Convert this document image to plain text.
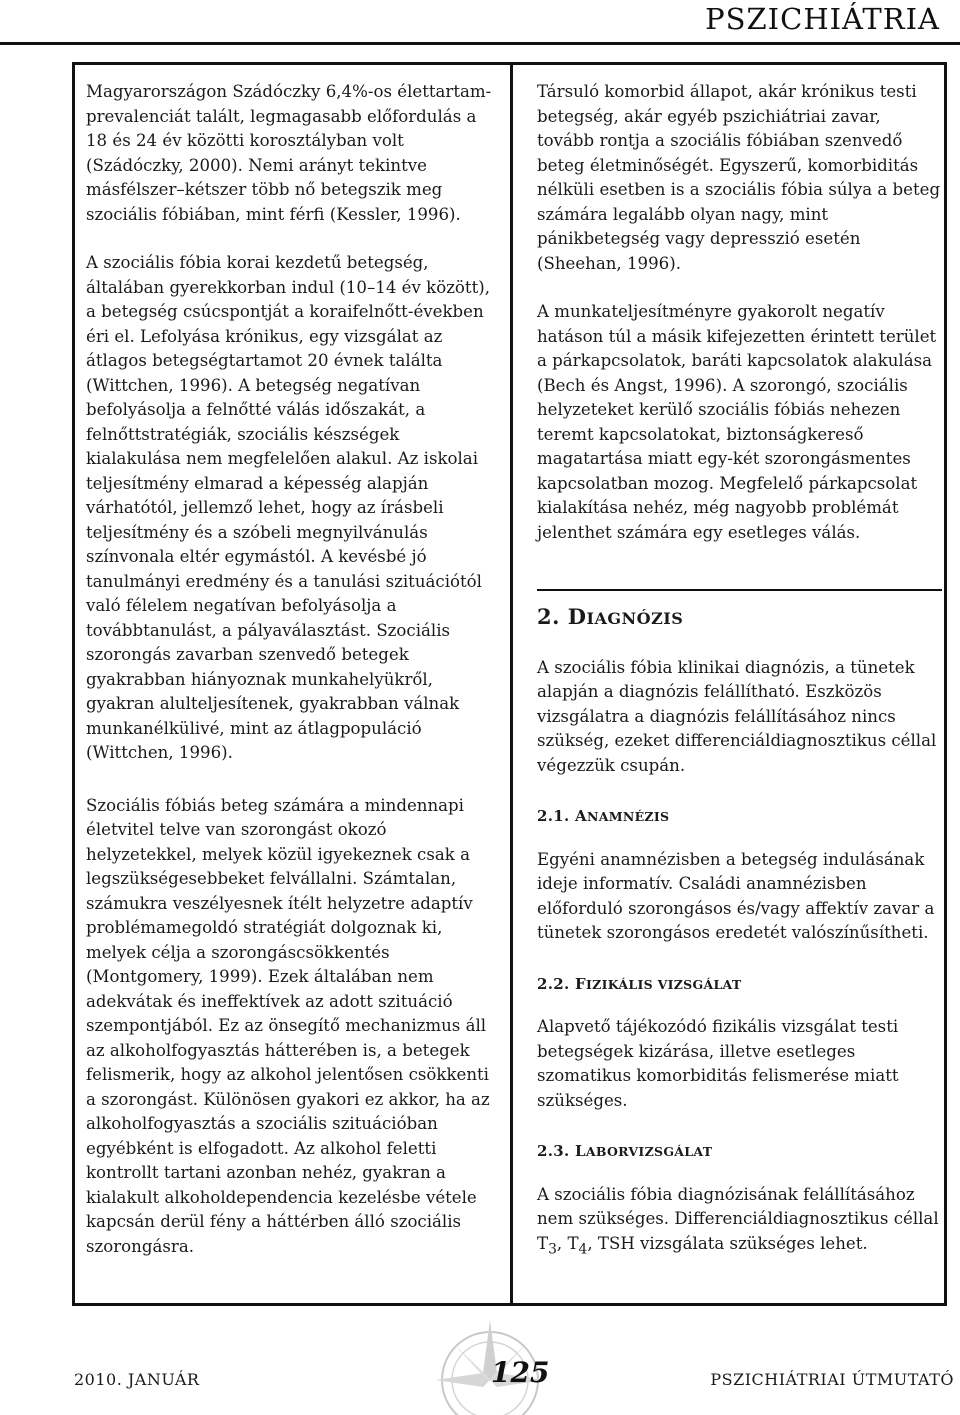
PSZICHIÁTRIA

Magyarországon Szádóczky 6,4%-os élettartam-prevalenciát talált, legmagasabb előfordulás a 18 és 24 év közötti korosztályban volt (Szádóczky, 2000). Nemi arányt tekintve másfélszer–kétszer több nő betegszik meg szociális fóbiában, mint férfi (Kessler, 1996).

A szociális fóbia korai kezdetű betegség, általában gyerekkorban indul (10–14 év között), a betegség csúcspontját a koraifelnőtt-években éri el. Lefolyása krónikus, egy vizsgálat az átlagos betegségtartamot 20 évnek találta (Wittchen, 1996). A betegség negatívan befolyásolja a felnőtté válás időszakát, a felnőttstratégiák, szociális készségek kialakulása nem megfelelően alakul. Az iskolai teljesítmény elmarad a képesség alapján várhatótól, jellemző lehet, hogy az írásbeli teljesítmény és a szóbeli megnyilvánulás színvonala eltér egymástól. A kevésbé jó tanulmányi eredmény és a tanulási szituációtól való félelem negatívan befolyásolja a továbbtanulást, a pályaválasztást. Szociális szorongás zavarban szenvedő betegek gyakrabban hiányoznak munkahelyükről, gyakran alulteljesítenek, gyakrabban válnak munkanélkülivé, mint az átlagpopuláció (Wittchen, 1996).

Szociális fóbiás beteg számára a mindennapi életvitel telve van szorongást okozó helyzetekkel, melyek közül igyekeznek csak a legszükségesebbeket felvállalni. Számtalan, számukra veszélyesnek ítélt helyzetre adaptív problémamegoldó stratégiát dolgoznak ki, melyek célja a szorongáscsökkentés (Montgomery, 1999). Ezek általában nem adekvátak és ineffektívek az adott szituáció szempontjából. Ez az önsegítő mechanizmus áll az alkoholfogyasztás hátterében is, a betegek felismerik, hogy az alkohol jelentősen csökkenti a szorongást. Különösen gyakori ez akkor, ha az alkoholfogyasztás a szociális szituációban egyébként is elfogadott. Az alkohol feletti kontrollt tartani azonban nehéz, gyakran a kialakult alkoholdependencia kezelésbe vétele kapcsán derül fény a háttérben álló szociális szorongásra.

Társuló komorbid állapot, akár krónikus testi betegség, akár egyéb pszichiátriai zavar, tovább rontja a szociális fóbiában szenvedő beteg életminőségét. Egyszerű, komorbiditás nélküli esetben is a szociális fóbia súlya a beteg számára legalább olyan nagy, mint pánikbetegség vagy depresszió esetén (Sheehan, 1996).

A munkateljesítményre gyakorolt negatív hatáson túl a másik kifejezetten érintett terület a párkapcsolatok, baráti kapcsolatok alakulása (Bech és Angst, 1996). A szorongó, szociális helyzeteket kerülő szociális fóbiás nehezen teremt kapcsolatokat, biztonságkereső magatartása miatt egy-két szorongásmentes kapcsolatban mozog. Megfelelő párkapcsolat kialakítása nehéz, még nagyobb problémát jelenthet számára egy esetleges válás.

2. DIAGNÓZIS

A szociális fóbia klinikai diagnózis, a tünetek alapján a diagnózis felállítható. Eszközös vizsgálatra a diagnózis felállításához nincs szükség, ezeket differenciáldiagnosztikus céllal végezzük csupán.

2.1. ANAMNÉZIS

Egyéni anamnézisben a betegség indulásának ideje informatív. Családi anamnézisben előforduló szorongásos és/vagy affektív zavar a tünetek szorongásos eredetét valószínűsítheti.

2.2. FIZIKÁLIS VIZSGÁLAT

Alapvető tájékozódó fizikális vizsgálat testi betegségek kizárása, illetve esetleges szomatikus komorbiditás felismerése miatt szükséges.

2.3. LABORVIZSGÁLAT

A szociális fóbia diagnózisának felállításához nem szükséges. Differenciáldiagnosztikus céllal $T_3$, $T_4$, TSH vizsgálata szükséges lehet.

2010. JANUÁR	125	PSZICHIÁTRIAI ÚTMUTATÓ
